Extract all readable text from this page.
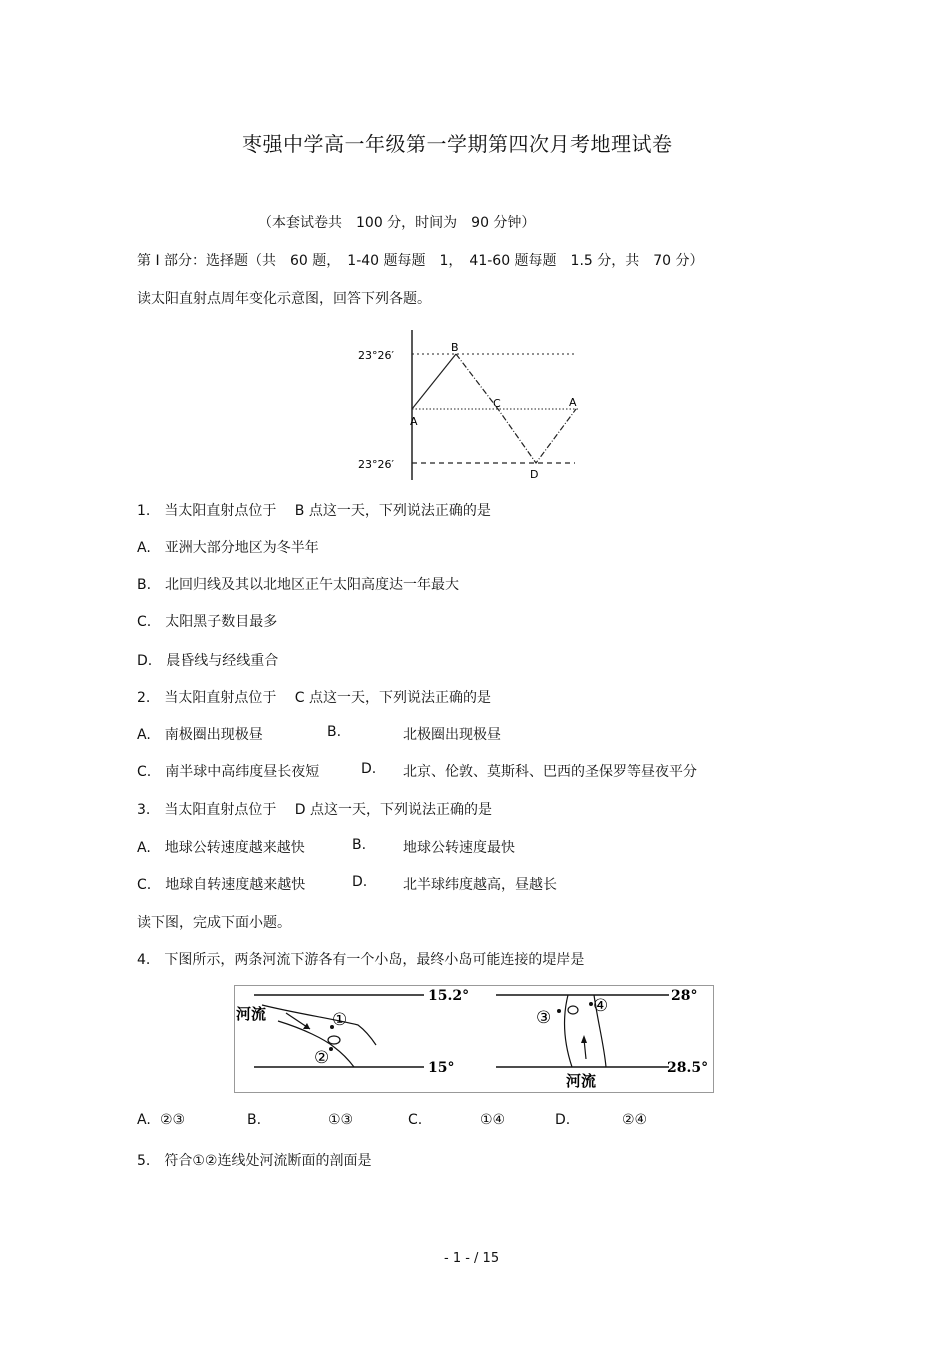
枣强中学高一年级第一学期第四次月考地理试卷
（本套试卷共　100 分，时间为　90 分钟）
第 I 部分：选择题（共　60 题，　1-40 题每题　1，　41-60 题每题　1.5 分，共　70 分）
读太阳直射点周年变化示意图，回答下列各题。
23°26′
23°26′
A
B
C	A
D
1.　当太阳直射点位于　 B 点这一天，下列说法正确的是
A.　亚洲大部分地区为冬半年
B.　北回归线及其以北地区正午太阳高度达一年最大
C.　太阳黑子数目最多
D.　晨昏线与经线重合
2.　当太阳直射点位于　 C 点这一天，下列说法正确的是
A.　南极圈出现极昼	B.	北极圈出现极昼
C.　南半球中高纬度昼长夜短	D. 北京、伦敦、莫斯科、巴西的圣保罗等昼夜平分
3.　当太阳直射点位于　 D 点这一天，下列说法正确的是
A.　地球公转速度越来越快	B.	地球公转速度最快
C.　地球自转速度越来越快	D.	北半球纬度越高，昼越长
读下图，完成下面小题。
4.　下图所示，两条河流下游各有一个小岛，最终小岛可能连接的堤岸是
河流	①
②
15.2°
15°
③
④
河流
28°
28.5°
A. ②③	B.	①③	C.	①④	D.	②④
5.　符合①②连线处河流断面的剖面是
- 1 - / 15
